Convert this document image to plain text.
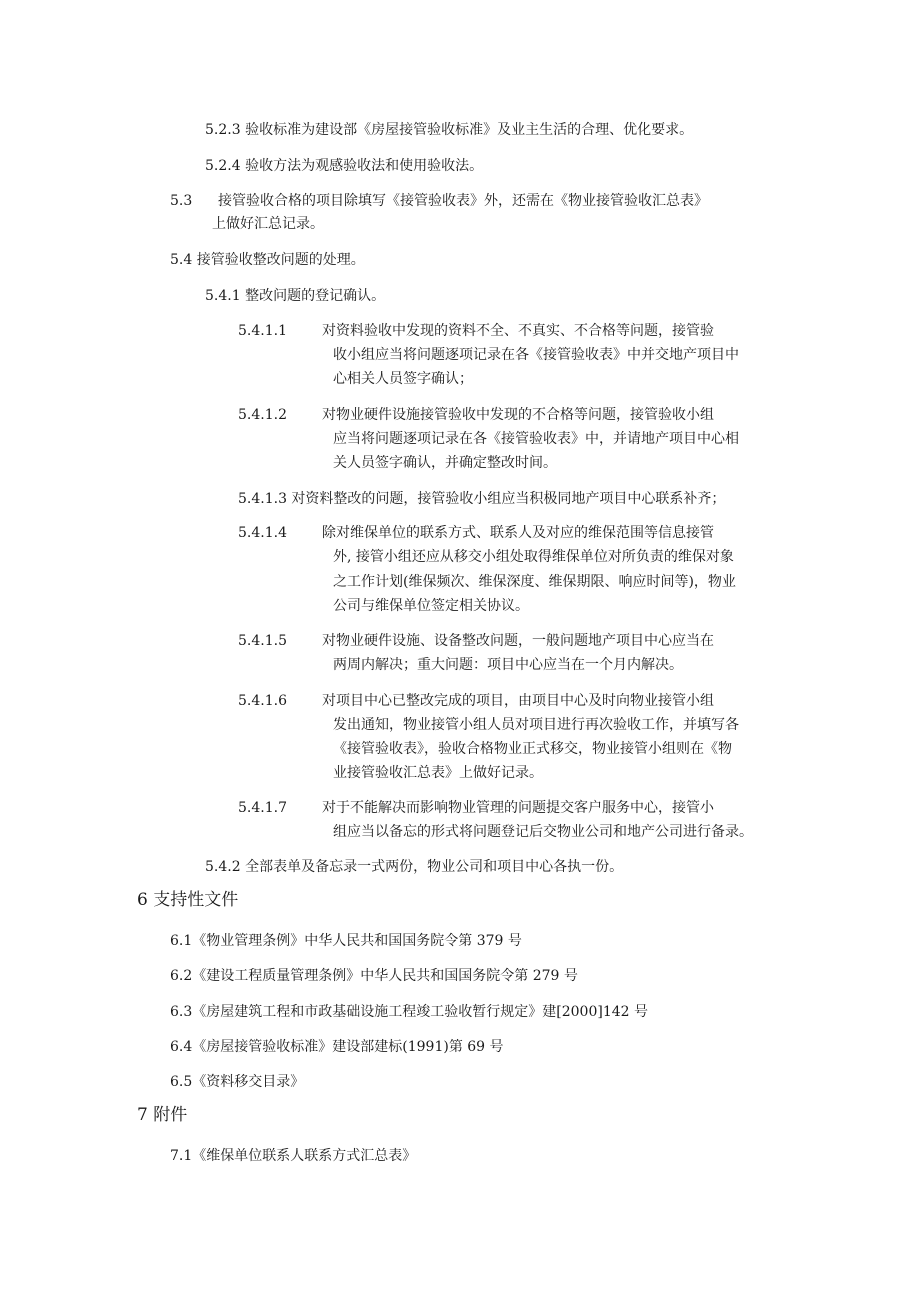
5.2.3 验收标准为建设部《房屋接管验收标准》及业主生活的合理、优化要求。
5.2.4 验收方法为观感验收法和使用验收法。
5.3 接管验收合格的项目除填写《接管验收表》外，还需在《物业接管验收汇总表》
上做好汇总记录。
5.4 接管验收整改问题的处理。
5.4.1 整改问题的登记确认。
5.4.1.1	对资料验收中发现的资料不全、不真实、不合格等问题，接管验
收小组应当将问题逐项记录在各《接管验收表》中并交地产项目中
心相关人员签字确认；
5.4.1.2	对物业硬件设施接管验收中发现的不合格等问题，接管验收小组
应当将问题逐项记录在各《接管验收表》中，并请地产项目中心相
关人员签字确认，并确定整改时间。
5.4.1.3 对资料整改的问题，接管验收小组应当积极同地产项目中心联系补齐；
5.4.1.4	除对维保单位的联系方式、联系人及对应的维保范围等信息接管
外, 接管小组还应从移交小组处取得维保单位对所负责的维保对象
之工作计划(维保频次、维保深度、维保期限、响应时间等)，物业
公司与维保单位签定相关协议。
5.4.1.5	对物业硬件设施、设备整改问题，一般问题地产项目中心应当在
两周内解决；重大问题：项目中心应当在一个月内解决。
5.4.1.6	对项目中心已整改完成的项目，由项目中心及时向物业接管小组
发出通知，物业接管小组人员对项目进行再次验收工作，并填写各
《接管验收表》，验收合格物业正式移交，物业接管小组则在《物
业接管验收汇总表》上做好记录。
5.4.1.7	对于不能解决而影响物业管理的问题提交客户服务中心，接管小
组应当以备忘的形式将问题登记后交物业公司和地产公司进行备录。
5.4.2 全部表单及备忘录一式两份，物业公司和项目中心各执一份。
6 支持性文件
6.1《物业管理条例》中华人民共和国国务院令第 379 号
6.2《建设工程质量管理条例》中华人民共和国国务院令第 279 号
6.3《房屋建筑工程和市政基础设施工程竣工验收暂行规定》建[2000]142 号
6.4《房屋接管验收标准》建设部建标(1991)第 69 号
6.5《资料移交目录》
7 附件
7.1《维保单位联系人联系方式汇总表》
